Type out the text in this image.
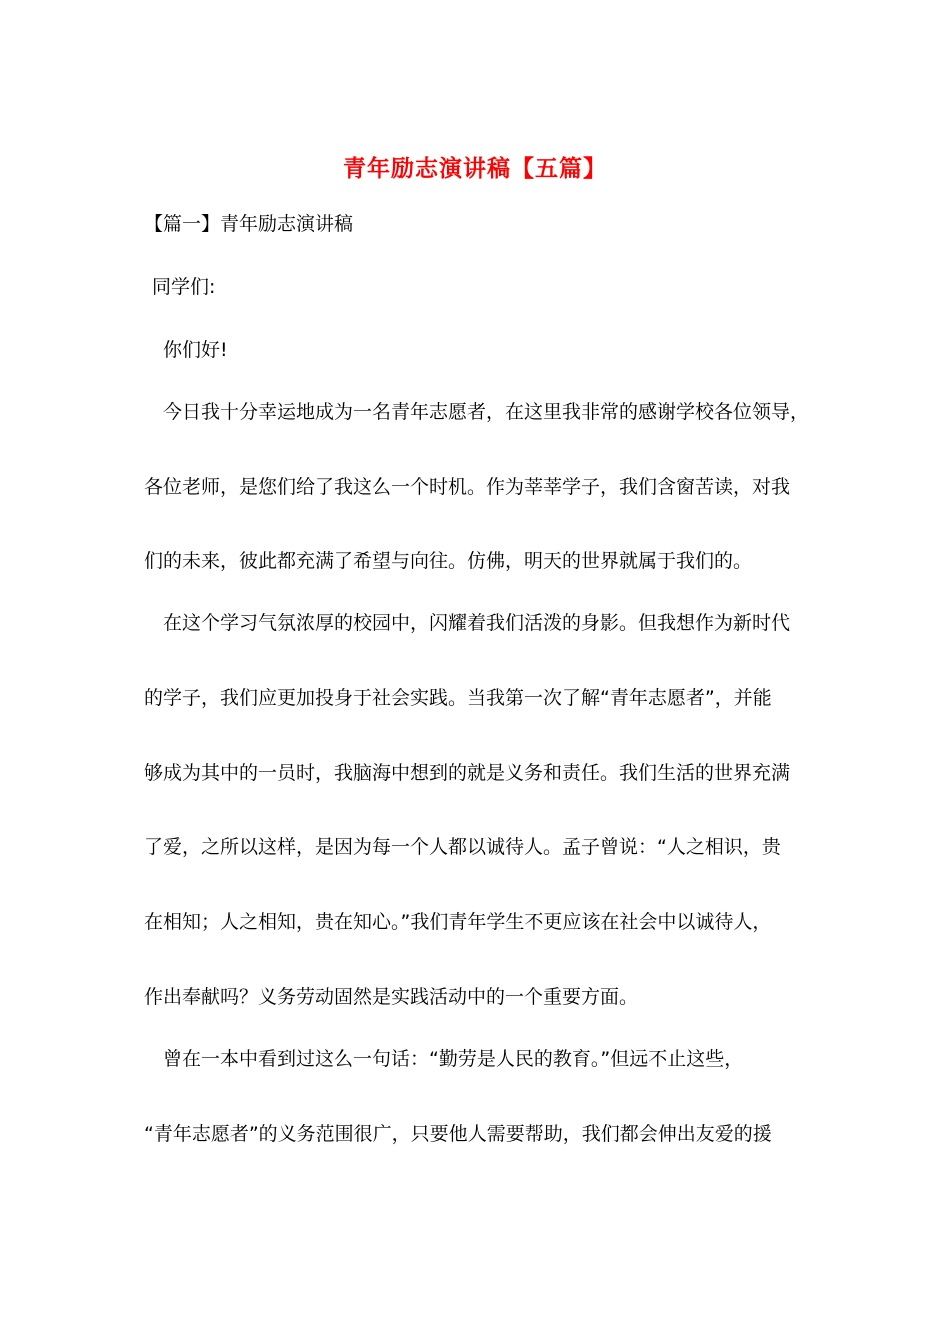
青年励志演讲稿【五篇】
【篇一】青年励志演讲稿
同学们:
你们好!
今日我十分幸运地成为一名青年志愿者，在这里我非常的感谢学校各位领导，
各位老师，是您们给了我这么一个时机。作为莘莘学子，我们含窗苦读，对我
们的未来，彼此都充满了希望与向往。仿佛，明天的世界就属于我们的。
在这个学习气氛浓厚的校园中，闪耀着我们活泼的身影。但我想作为新时代
的学子，我们应更加投身于社会实践。当我第一次了解“青年志愿者”，并能
够成为其中的一员时，我脑海中想到的就是义务和责任。我们生活的世界充满
了爱，之所以这样，是因为每一个人都以诚待人。孟子曾说：“人之相识，贵
在相知；人之相知，贵在知心。”我们青年学生不更应该在社会中以诚待人，
作出奉献吗？义务劳动固然是实践活动中的一个重要方面。
曾在一本中看到过这么一句话：“勤劳是人民的教育。”但远不止这些，
“青年志愿者”的义务范围很广，只要他人需要帮助，我们都会伸出友爱的援
